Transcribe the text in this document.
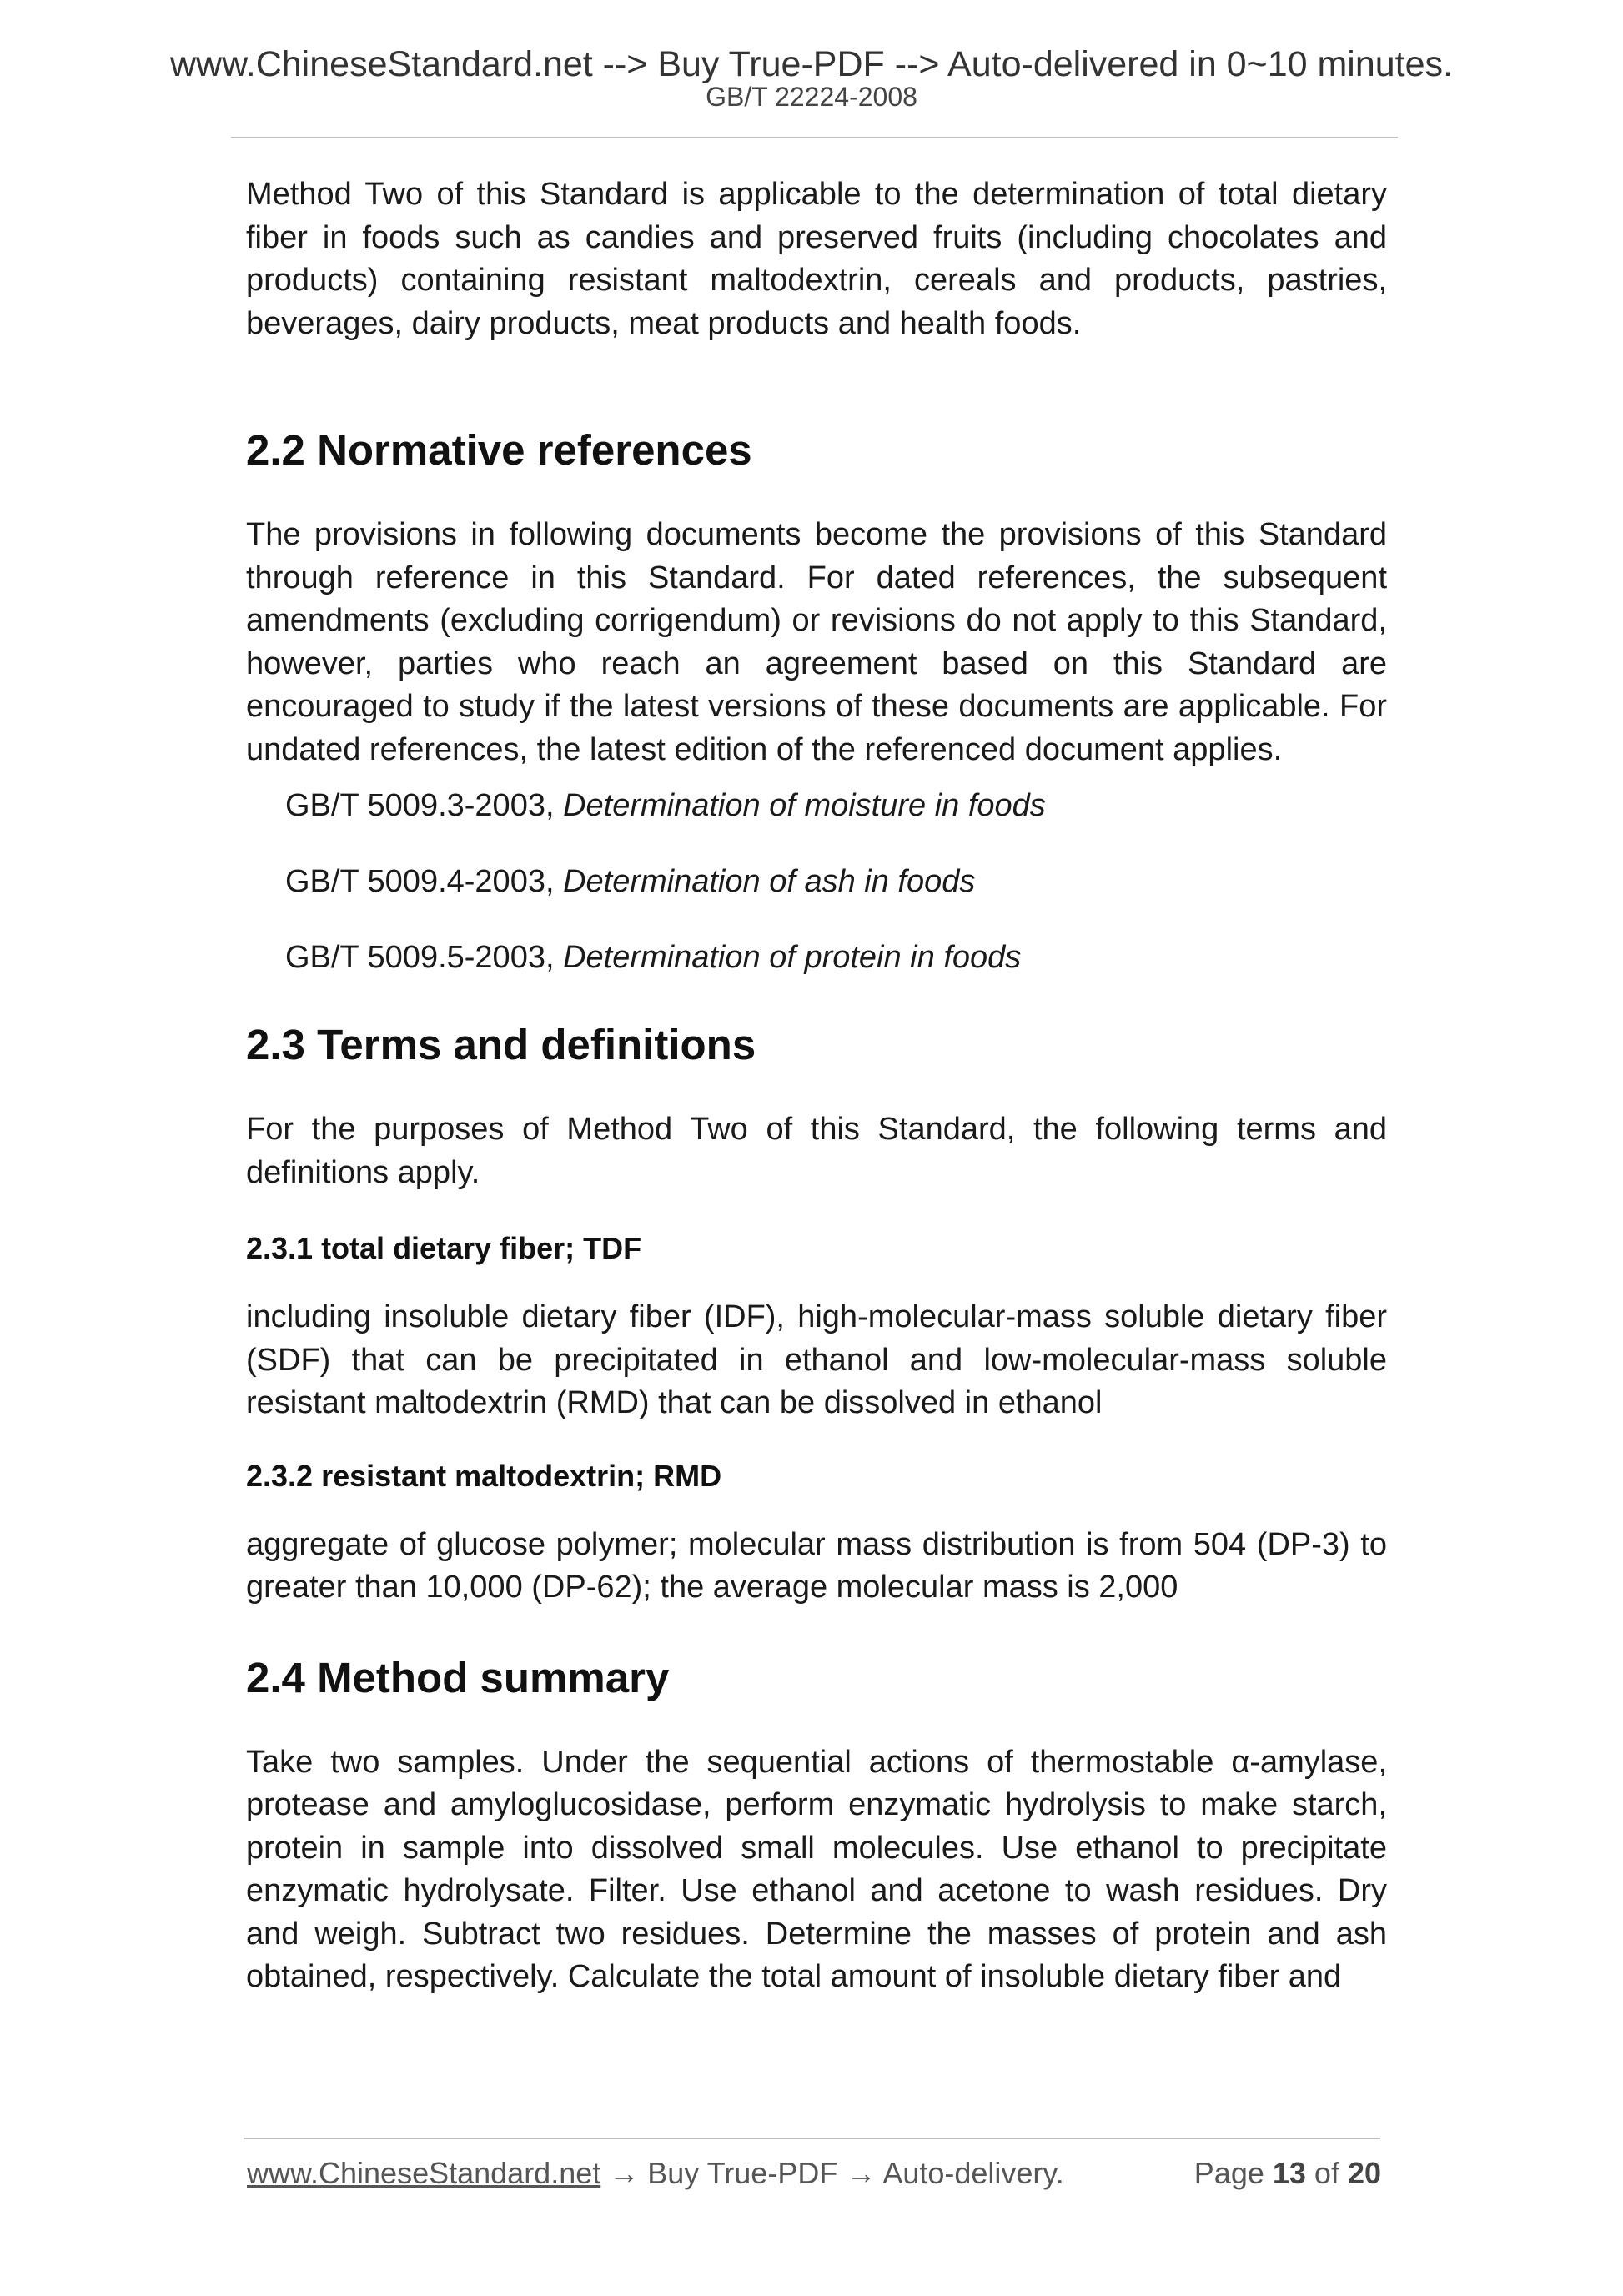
www.ChineseStandard.net --> Buy True-PDF --> Auto-delivered in 0~10 minutes.
GB/T 22224-2008

Method Two of this Standard is applicable to the determination of total dietary fiber in foods such as candies and preserved fruits (including chocolates and products) containing resistant maltodextrin, cereals and products, pastries, beverages, dairy products, meat products and health foods.

2.2 Normative references

The provisions in following documents become the provisions of this Standard through reference in this Standard. For dated references, the subsequent amendments (excluding corrigendum) or revisions do not apply to this Standard, however, parties who reach an agreement based on this Standard are encouraged to study if the latest versions of these documents are applicable. For undated references, the latest edition of the referenced document applies.

GB/T 5009.3-2003, Determination of moisture in foods

GB/T 5009.4-2003, Determination of ash in foods

GB/T 5009.5-2003, Determination of protein in foods

2.3 Terms and definitions

For the purposes of Method Two of this Standard, the following terms and definitions apply.

2.3.1 total dietary fiber; TDF

including insoluble dietary fiber (IDF), high-molecular-mass soluble dietary fiber (SDF) that can be precipitated in ethanol and low-molecular-mass soluble resistant maltodextrin (RMD) that can be dissolved in ethanol

2.3.2 resistant maltodextrin; RMD

aggregate of glucose polymer; molecular mass distribution is from 504 (DP-3) to greater than 10,000 (DP-62); the average molecular mass is 2,000

2.4 Method summary

Take two samples. Under the sequential actions of thermostable α-amylase, protease and amyloglucosidase, perform enzymatic hydrolysis to make starch, protein in sample into dissolved small molecules. Use ethanol to precipitate enzymatic hydrolysate. Filter. Use ethanol and acetone to wash residues. Dry and weigh. Subtract two residues. Determine the masses of protein and ash obtained, respectively. Calculate the total amount of insoluble dietary fiber and

www.ChineseStandard.net → Buy True-PDF → Auto-delivery.	Page 13 of 20
